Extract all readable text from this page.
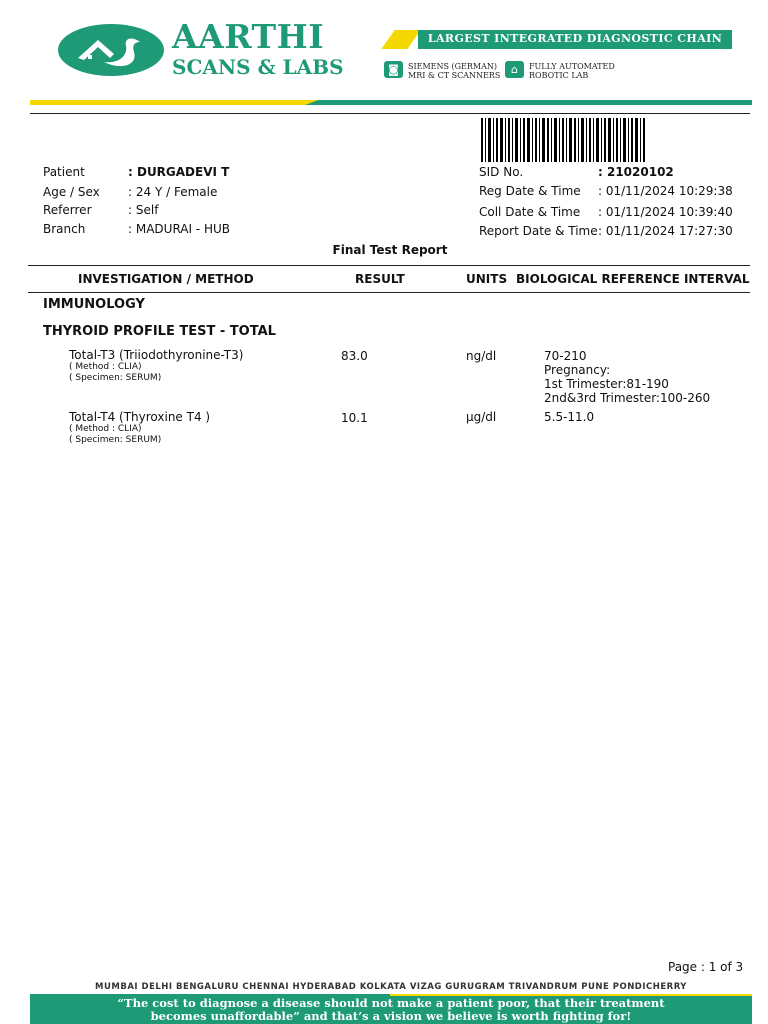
AARTHI
SCANS & LABS
LARGEST INTEGRATED DIAGNOSTIC CHAIN
◙	SIEMENS (GERMAN)
MRI & CT SCANNERS ⌂	FULLY AUTOMATED
ROBOTIC LAB
Patient	: DURGADEVI T
Age / Sex : 24 Y / Female
Referrer	: Self
Branch	: MADURAI - HUB
SID No.	: 21020102
Reg Date & Time : 01/11/2024 10:29:38
Coll Date & Time : 01/11/2024 10:39:40
Report Date & Time : 01/11/2024 17:27:30
Final Test Report
INVESTIGATION / METHOD	RESULT	UNITS BIOLOGICAL REFERENCE INTERVAL
IMMUNOLOGY
THYROID PROFILE TEST - TOTAL
Total-T3 (Triiodothyronine-T3)
( Method : CLIA)
( Specimen: SERUM)
83.0	ng/dl	70-210
Pregnancy:
1st Trimester:81-190
2nd&3rd Trimester:100-260
Total-T4 (Thyroxine T4 )
( Method : CLIA)
( Specimen: SERUM)
10.1	µg/dl	5.5-11.0
Page : 1 of 3
MUMBAI DELHI BENGALURU CHENNAI HYDERABAD KOLKATA VIZAG GURUGRAM TRIVANDRUM PUNE PONDICHERRY
“The cost to diagnose a disease should not make a patient poor, that their treatment
becomes unaffordable” and that’s a vision we believe is worth fighting for!
